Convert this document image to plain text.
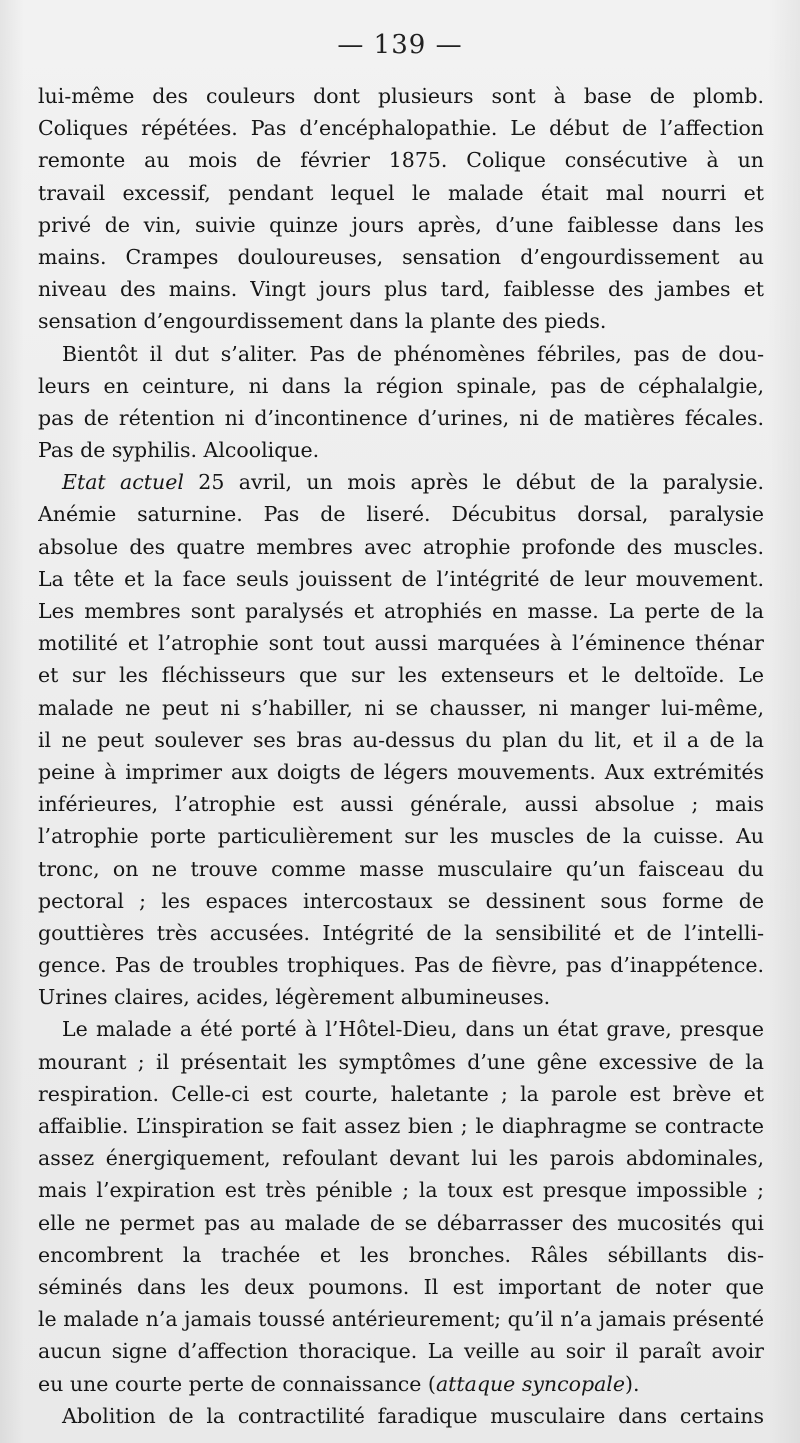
— 139 —
lui-même des couleurs dont plusieurs sont à base de plomb.
Coliques répétées. Pas d’encéphalopathie. Le début de l’affection
remonte au mois de février 1875. Colique consécutive à un
travail excessif, pendant lequel le malade était mal nourri et
privé de vin, suivie quinze jours après, d’une faiblesse dans les
mains. Crampes douloureuses, sensation d’engourdissement au
niveau des mains. Vingt jours plus tard, faiblesse des jambes et
sensation d’engourdissement dans la plante des pieds.
Bientôt il dut s’aliter. Pas de phénomènes fébriles, pas de dou-
leurs en ceinture, ni dans la région spinale, pas de céphalalgie,
pas de rétention ni d’incontinence d’urines, ni de matières fécales.
Pas de syphilis. Alcoolique.
Etat actuel 25 avril, un mois après le début de la paralysie.
Anémie saturnine. Pas de liseré. Décubitus dorsal, paralysie
absolue des quatre membres avec atrophie profonde des muscles.
La tête et la face seuls jouissent de l’intégrité de leur mouvement.
Les membres sont paralysés et atrophiés en masse. La perte de la
motilité et l’atrophie sont tout aussi marquées à l’éminence thénar
et sur les fléchisseurs que sur les extenseurs et le deltoïde. Le
malade ne peut ni s’habiller, ni se chausser, ni manger lui-même,
il ne peut soulever ses bras au-dessus du plan du lit, et il a de la
peine à imprimer aux doigts de légers mouvements. Aux extrémités
inférieures, l’atrophie est aussi générale, aussi absolue ; mais
l’atrophie porte particulièrement sur les muscles de la cuisse. Au
tronc, on ne trouve comme masse musculaire qu’un faisceau du
pectoral ; les espaces intercostaux se dessinent sous forme de
gouttières très accusées. Intégrité de la sensibilité et de l’intelli-
gence. Pas de troubles trophiques. Pas de fièvre, pas d’inappétence.
Urines claires, acides, légèrement albumineuses.
Le malade a été porté à l’Hôtel-Dieu, dans un état grave, presque
mourant ; il présentait les symptômes d’une gêne excessive de la
respiration. Celle-ci est courte, haletante ; la parole est brève et
affaiblie. L’inspiration se fait assez bien ; le diaphragme se contracte
assez énergiquement, refoulant devant lui les parois abdominales,
mais l’expiration est très pénible ; la toux est presque impossible ;
elle ne permet pas au malade de se débarrasser des mucosités qui
encombrent la trachée et les bronches. Râles sébillants dis-
séminés dans les deux poumons. Il est important de noter que
le malade n’a jamais toussé antérieurement; qu’il n’a jamais présenté
aucun signe d’affection thoracique. La veille au soir il paraît avoir
eu une courte perte de connaissance (attaque syncopale).
Abolition de la contractilité faradique musculaire dans certains
